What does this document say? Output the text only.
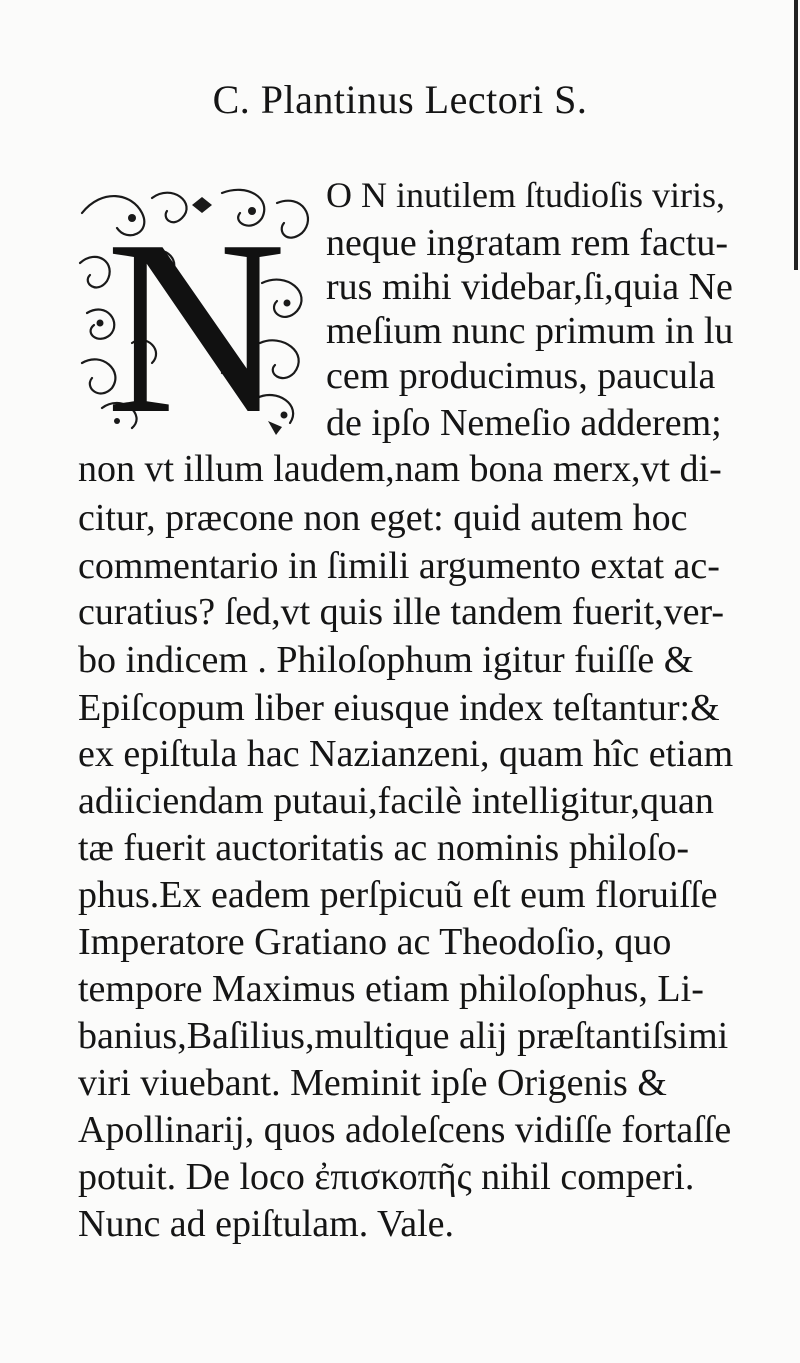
C. Plantinus Lectori S.
N O N inutilem ſtudioſis viris,
neque ingratam rem factu-
rus mihi videbar,ſi,quia Ne
meſium nunc primum in lu
cem producimus, paucula
de ipſo Nemeſio adderem;
non vt illum laudem,nam bona merx,vt di-
citur, præcone non eget: quid autem hoc
commentario in ſimili argumento extat ac-
curatius? ſed,vt quis ille tandem fuerit,ver-
bo indicem . Philoſophum igitur fuiſſe &
Epiſcopum liber eiusque index teſtantur:&
ex epiſtula hac Nazianzeni, quam hîc etiam
adiiciendam putaui,facilè intelligitur,quan
tæ fuerit auctoritatis ac nominis philoſo-
phus.Ex eadem perſpicuũ eſt eum floruiſſe
Imperatore Gratiano ac Theodoſio, quo
tempore Maximus etiam philoſophus, Li-
banius,Baſilius,multique alij præſtantiſsimi
viri viuebant. Meminit ipſe Origenis &
Apollinarij, quos adoleſcens vidiſſe fortaſſe
potuit. De loco ἐπισκοπῆς nihil comperi.
Nunc ad epiſtulam. Vale.
